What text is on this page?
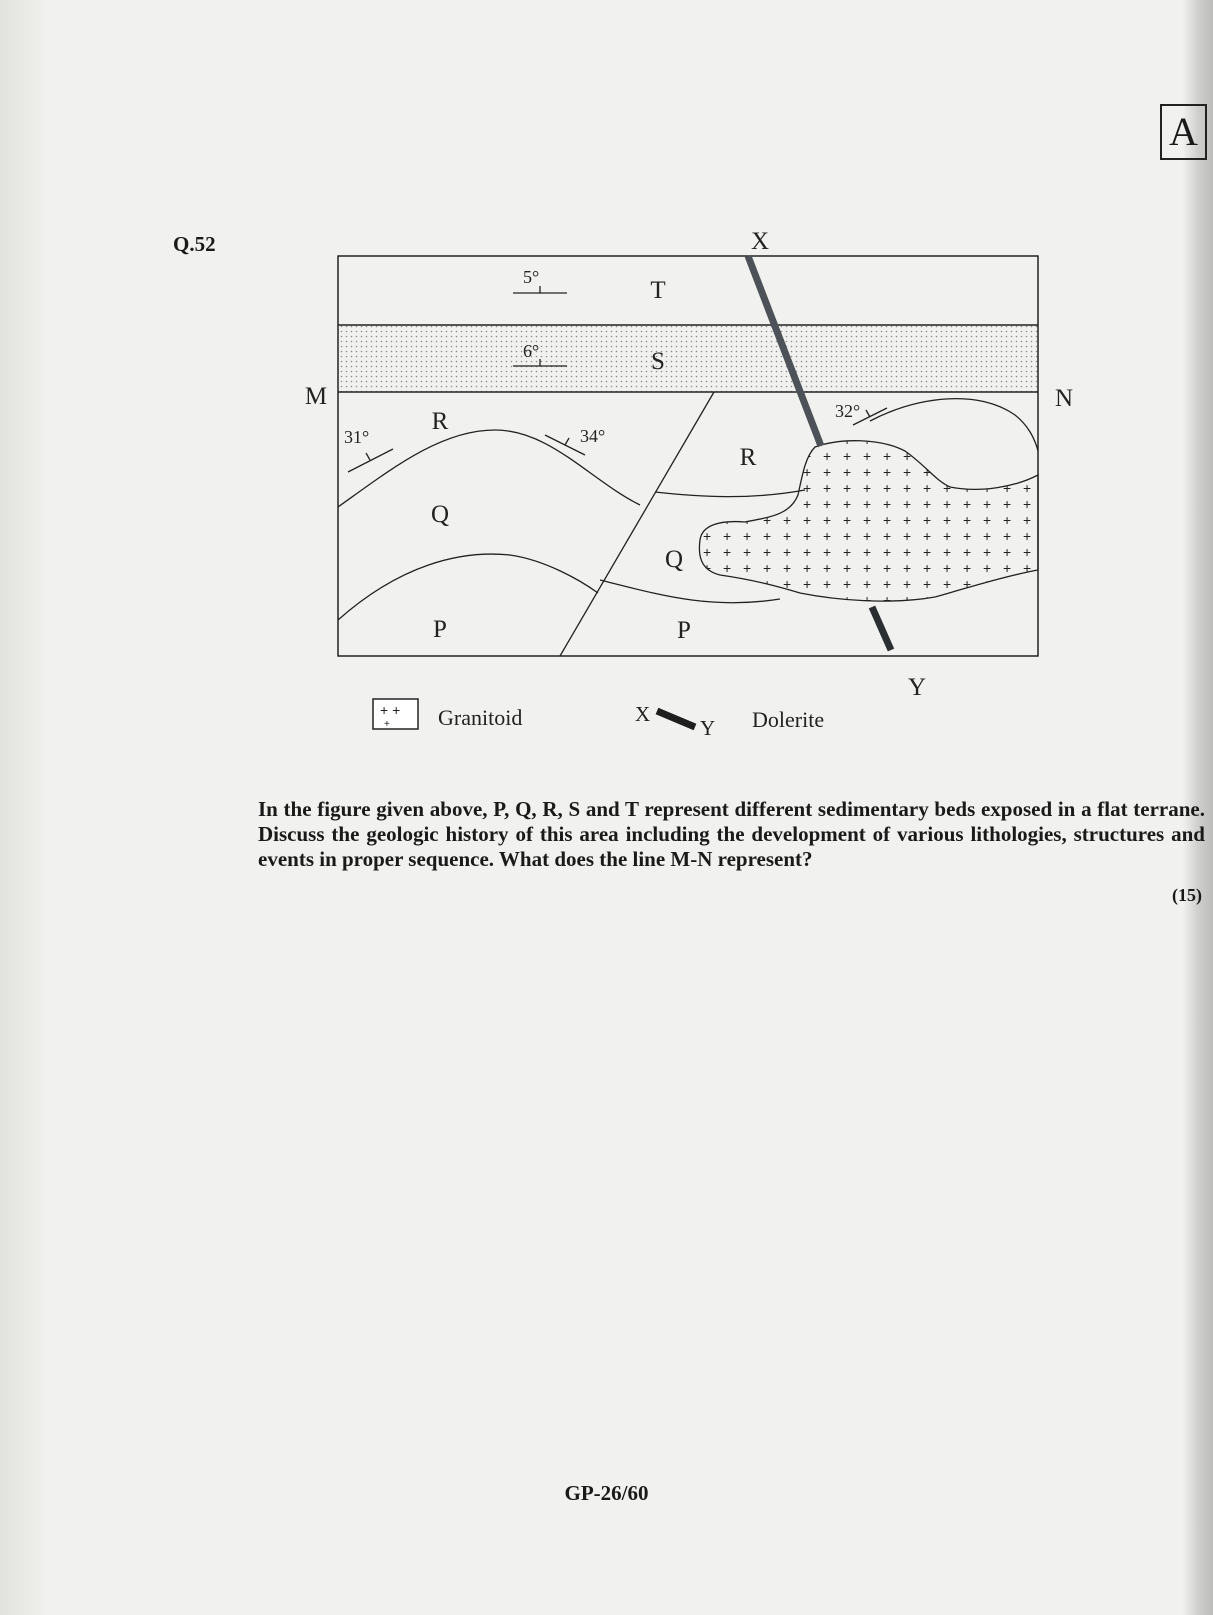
A
Q.52
5°
6°
31°	34°
32°
T
S
R
Q
P
R
Q
P
M	N
X
Y
+ +
+ Granitoid	X
Y Dolerite
In the figure given above, P, Q, R, S and T represent different sedimentary beds exposed in a flat terrane. Discuss the geologic history of this area including the development of various lithologies, structures and events in proper sequence. What does the line M-N represent?
(15)
GP-26/60
